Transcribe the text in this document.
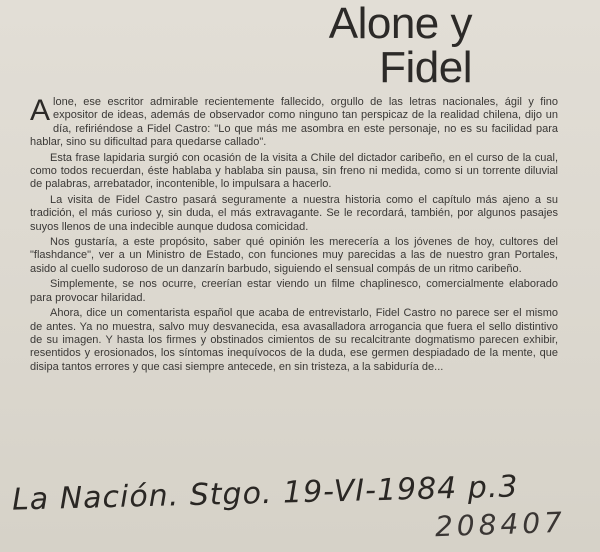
Alone y
Fidel

Alone, ese escritor admirable recientemente fallecido, orgullo de las letras nacionales, ágil y fino expositor de ideas, además de observador como ninguno tan perspicaz de la realidad chilena, dijo un día, refiriéndose a Fidel Castro: "Lo que más me asombra en este personaje, no es su facilidad para hablar, sino su dificultad para quedarse callado".

Esta frase lapidaria surgió con ocasión de la visita a Chile del dictador caribeño, en el curso de la cual, como todos recuerdan, éste hablaba y hablaba sin pausa, sin freno ni medida, como si un torrente diluvial de palabras, arrebatador, incontenible, lo impulsara a hacerlo.

La visita de Fidel Castro pasará seguramente a nuestra historia como el capítulo más ajeno a su tradición, el más curioso y, sin duda, el más extravagante. Se le recordará, también, por algunos pasajes suyos llenos de una indecible aunque dudosa comicidad.

Nos gustaría, a este propósito, saber qué opinión les merecería a los jóvenes de hoy, cultores del "flashdance", ver a un Ministro de Estado, con funciones muy parecidas a las de nuestro gran Portales, asido al cuello sudoroso de un danzarín barbudo, siguiendo el sensual compás de un ritmo caribeño.

Simplemente, se nos ocurre, creerían estar viendo un filme chaplinesco, comercialmente elaborado para provocar hilaridad.

Ahora, dice un comentarista español que acaba de entrevistarlo, Fidel Castro no parece ser el mismo de antes. Ya no muestra, salvo muy desvanecida, esa avasalladora arrogancia que fuera el sello distintivo de su imagen. Y hasta los firmes y obstinados cimientos de su recalcitrante dogmatismo parecen exhibir, resentidos y erosionados, los síntomas inequívocos de la duda, ese germen despiadado de la mente, que disipa tantos errores y que casi siempre antecede, en sin tristeza, a la sabiduría de...

La Nación. Stgo. 19-VI-1984 p.3
208407
